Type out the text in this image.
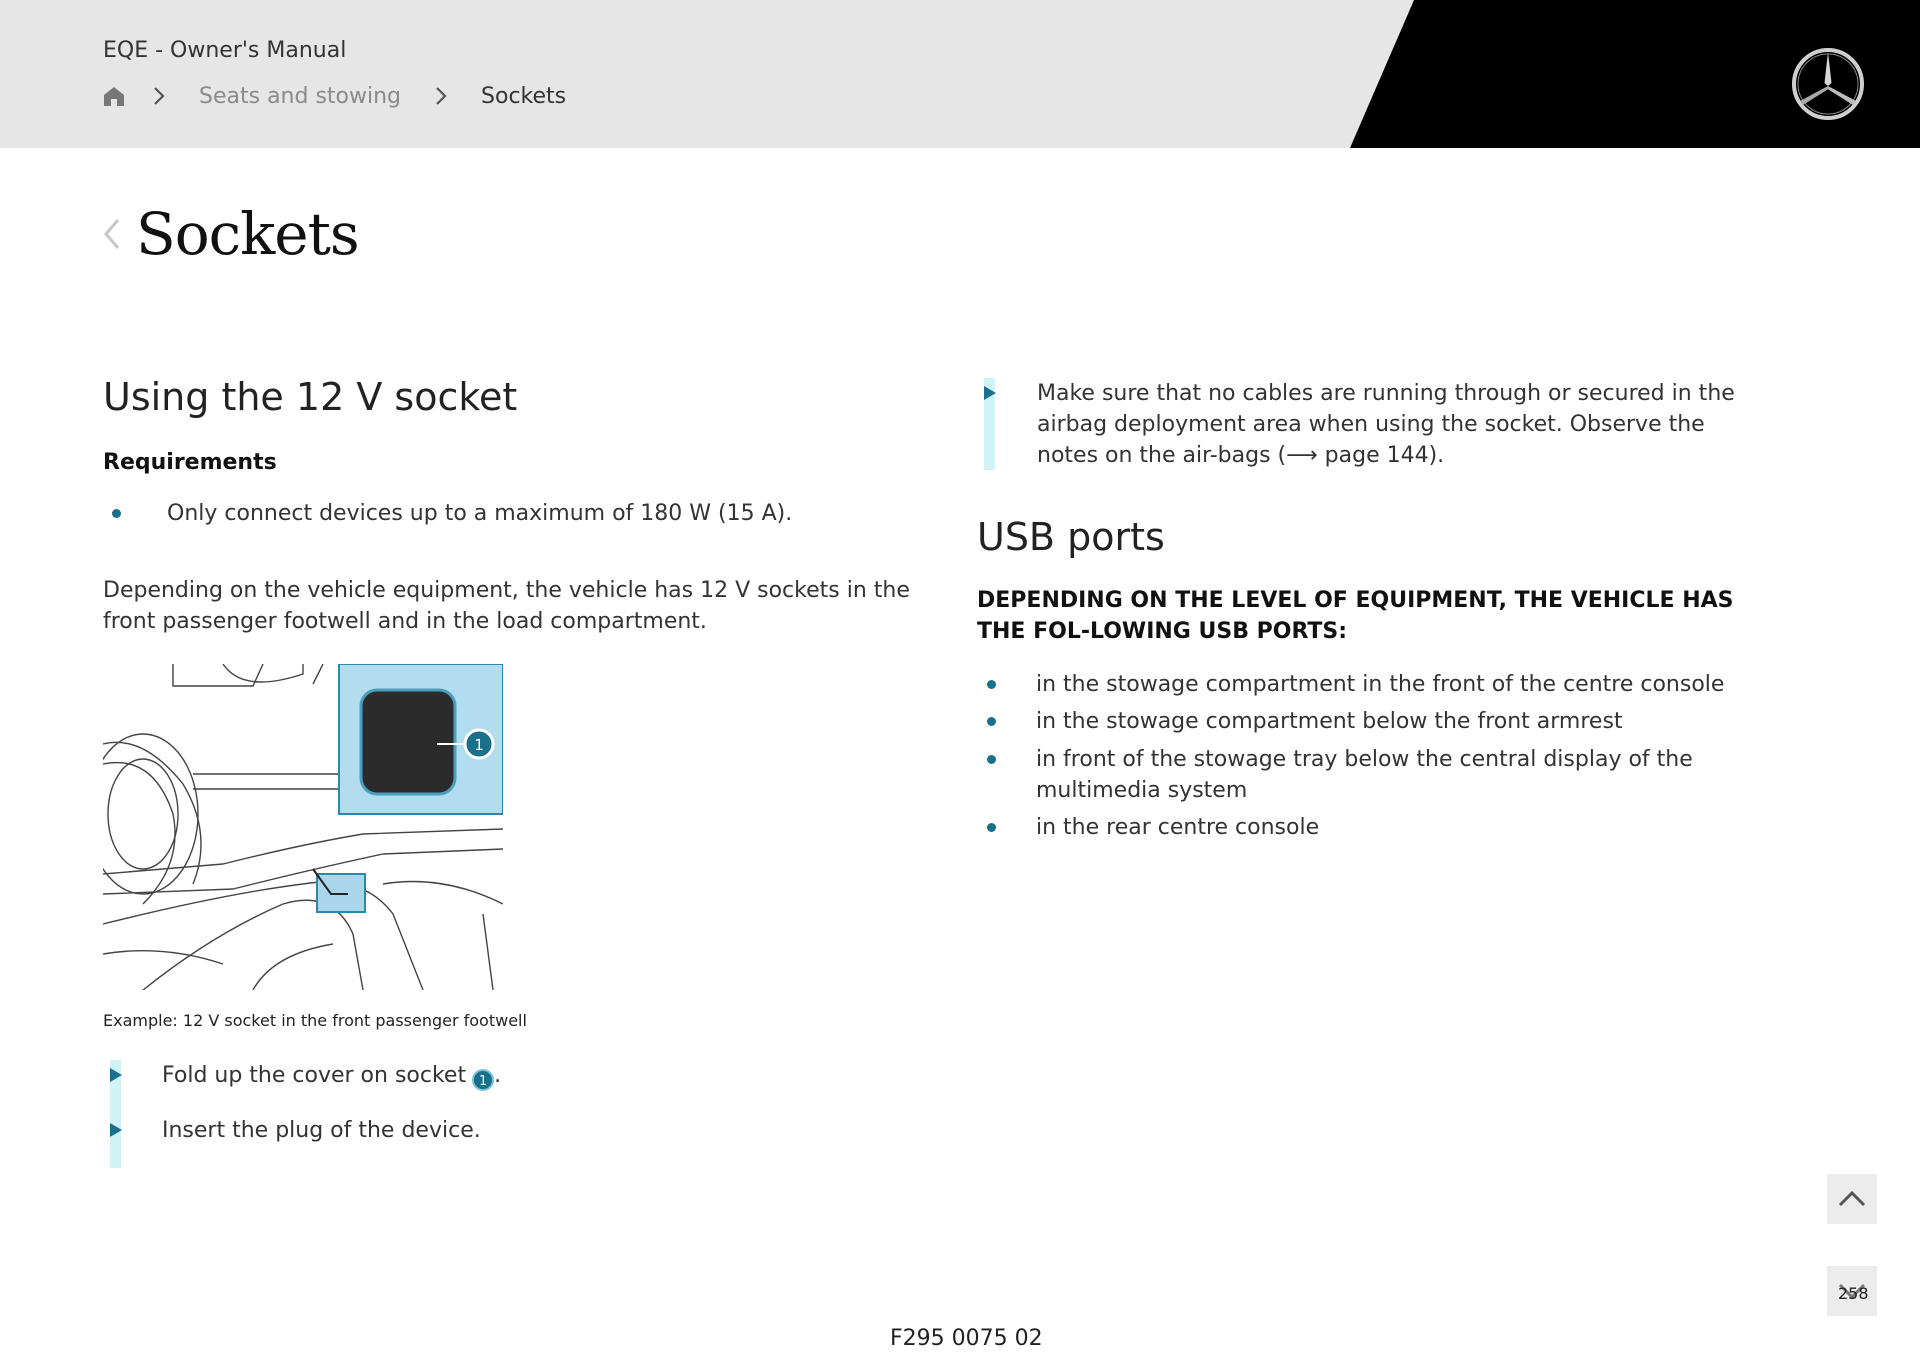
EQE - Owner's Manual
Seats and stowing	Sockets
Sockets
Using the 12 V socket
Requirements
Only connect devices up to a maximum of 180 W (15 A).
Depending on the vehicle equipment, the vehicle has 12 V sockets in the front passenger footwell and in the load compartment.
1
Example: 12 V socket in the front passenger footwell
Fold up the cover on socket 1 .
Insert the plug of the device.
Make sure that no cables are running through or secured in the airbag deployment area when using the socket. Observe the notes on the air-bags (⟶ page 144).
USB ports
DEPENDING ON THE LEVEL OF EQUIPMENT, THE VEHICLE HAS THE FOL-LOWING USB PORTS:
in the stowage compartment in the front of the centre console
in the stowage compartment below the front armrest
in front of the stowage tray below the central display of the multimedia system
in the rear centre console
258
F295 0075 02
